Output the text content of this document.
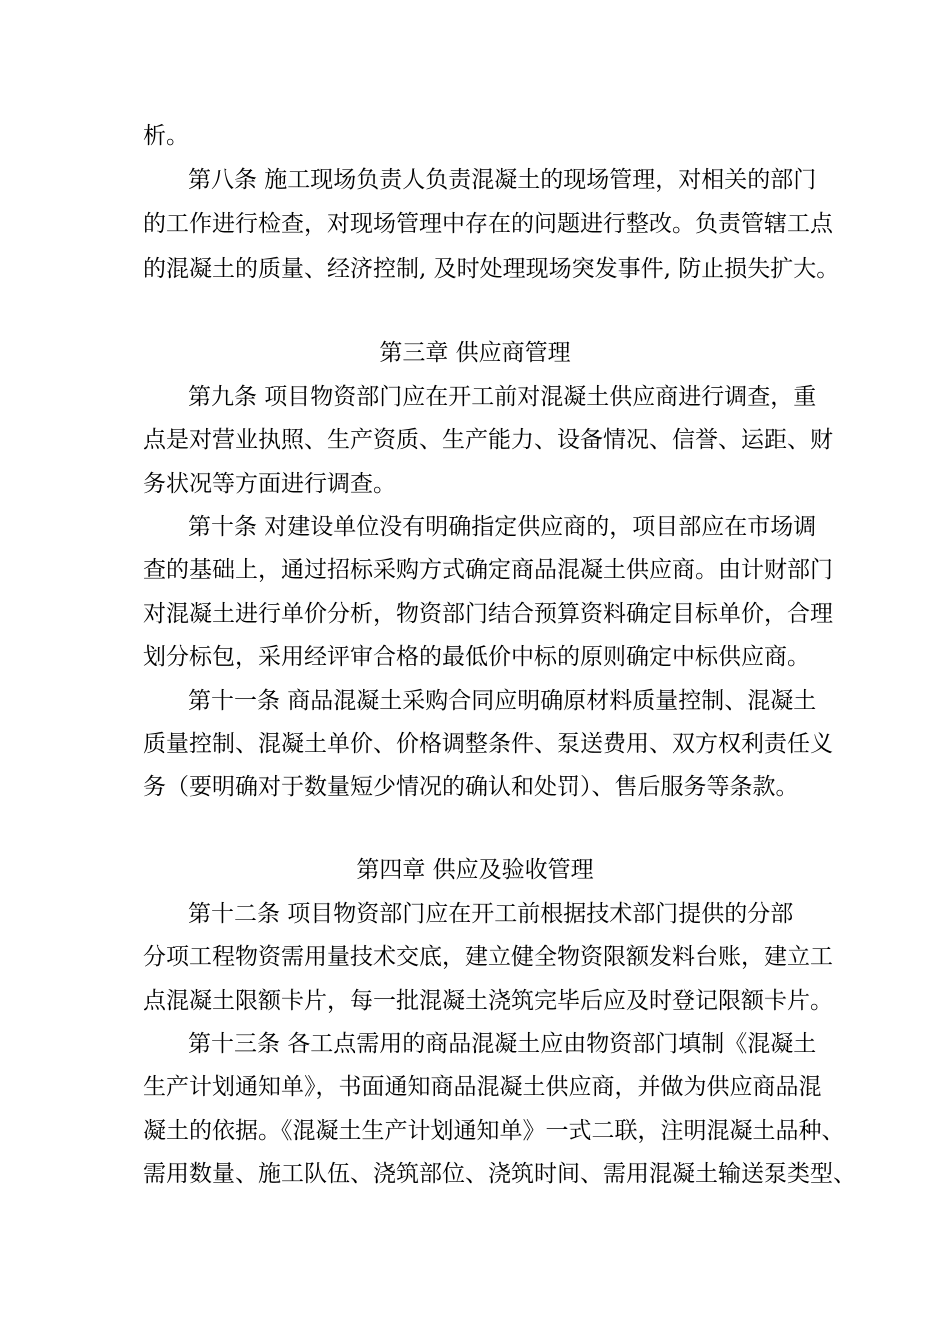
析。
第八条 施工现场负责人负责混凝土的现场管理，对相关的部门
的工作进行检查，对现场管理中存在的问题进行整改。负责管辖工点
的混凝土的质量、经济控制, 及时处理现场突发事件, 防止损失扩大。
第三章 供应商管理
第九条 项目物资部门应在开工前对混凝土供应商进行调查，重
点是对营业执照、生产资质、生产能力、设备情况、信誉、运距、财
务状况等方面进行调查。
第十条 对建设单位没有明确指定供应商的，项目部应在市场调
查的基础上，通过招标采购方式确定商品混凝土供应商。由计财部门
对混凝土进行单价分析，物资部门结合预算资料确定目标单价，合理
划分标包，采用经评审合格的最低价中标的原则确定中标供应商。
第十一条 商品混凝土采购合同应明确原材料质量控制、混凝土
质量控制、混凝土单价、价格调整条件、泵送费用、双方权利责任义
务（要明确对于数量短少情况的确认和处罚）、售后服务等条款。
第四章 供应及验收管理
第十二条 项目物资部门应在开工前根据技术部门提供的分部
分项工程物资需用量技术交底，建立健全物资限额发料台账，建立工
点混凝土限额卡片，每一批混凝土浇筑完毕后应及时登记限额卡片。
第十三条 各工点需用的商品混凝土应由物资部门填制《混凝土
生产计划通知单》，书面通知商品混凝土供应商，并做为供应商品混
凝土的依据。《混凝土生产计划通知单》一式二联，注明混凝土品种、
需用数量、施工队伍、浇筑部位、浇筑时间、需用混凝土输送泵类型、
